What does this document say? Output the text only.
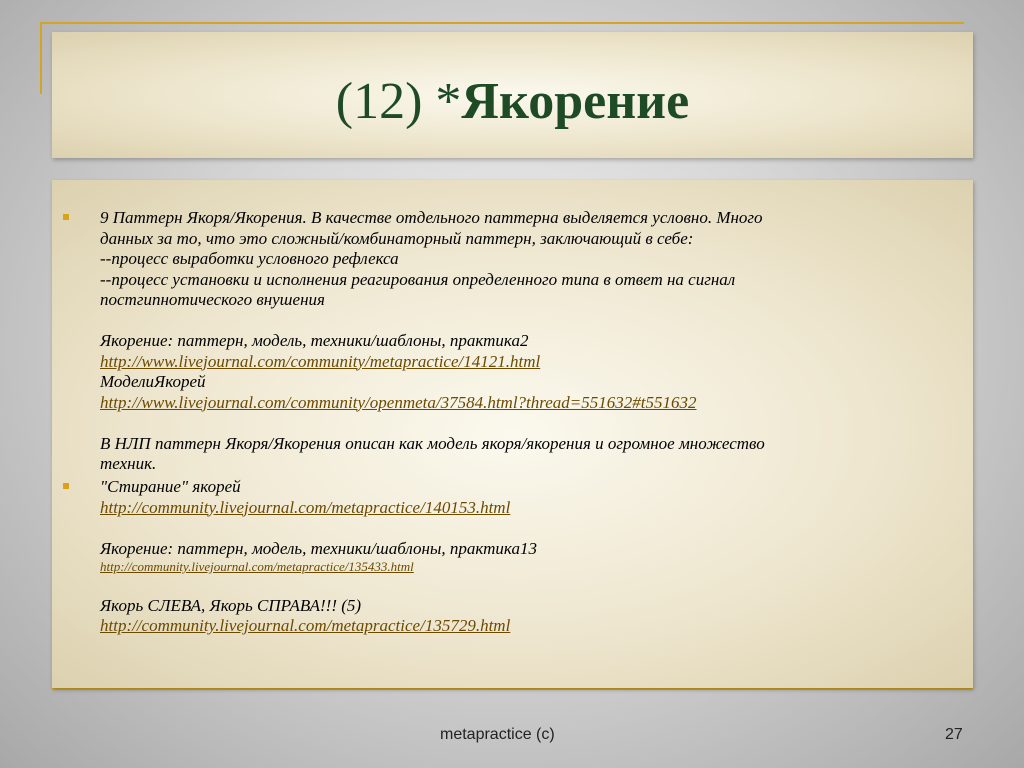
(12) *Якорение
9 Паттерн Якоря/Якорения. В качестве отдельного паттерна выделяется условно. Много
данных за то, что это сложный/комбинаторный паттерн, заключающий в себе:
--процесс выработки условного рефлекса
--процесс установки и исполнения реагирования определенного типа в ответ на сигнал
постгипнотического внушения
Якорение: паттерн, модель, техники/шаблоны, практика2
http://www.livejournal.com/community/metapractice/14121.html
МоделиЯкорей
http://www.livejournal.com/community/openmeta/37584.html?thread=551632#t551632
В НЛП паттерн Якоря/Якорения описан как модель якоря/якорения и огромное множество
техник.
"Стирание" якорей
http://community.livejournal.com/metapractice/140153.html
Якорение: паттерн, модель, техники/шаблоны, практика13
http://community.livejournal.com/metapractice/135433.html
Якорь СЛЕВА, Якорь СПРАВА!!! (5)
http://community.livejournal.com/metapractice/135729.html
metapractice (c)	27
